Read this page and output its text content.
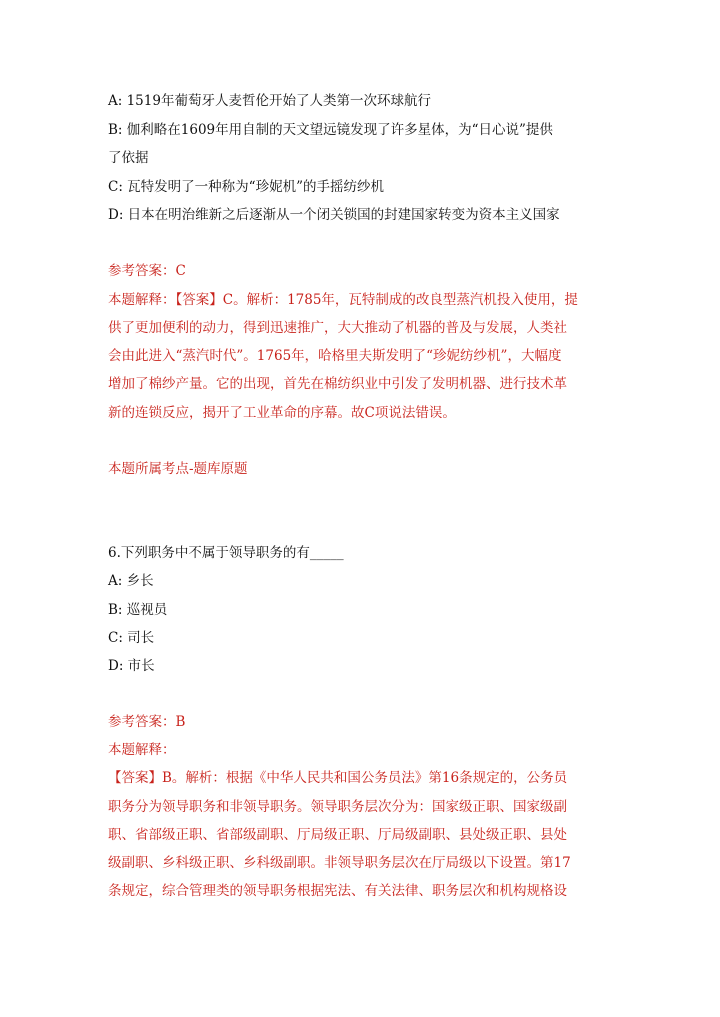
A: 1519年葡萄牙人麦哲伦开始了人类第一次环球航行
B: 伽利略在1609年用自制的天文望远镜发现了许多星体，为“日心说”提供
了依据
C: 瓦特发明了一种称为“珍妮机”的手摇纺纱机
D: 日本在明治维新之后逐渐从一个闭关锁国的封建国家转变为资本主义国家
参考答案：C
本题解释：【答案】C。解析：1785年，瓦特制成的改良型蒸汽机投入使用，提
供了更加便利的动力，得到迅速推广，大大推动了机器的普及与发展，人类社
会由此进入“蒸汽时代”。1765年，哈格里夫斯发明了“珍妮纺纱机”，大幅度
增加了棉纱产量。它的出现，首先在棉纺织业中引发了发明机器、进行技术革
新的连锁反应，揭开了工业革命的序幕。故C项说法错误。
本题所属考点-题库原题
6.下列职务中不属于领导职务的有_____
A: 乡长
B: 巡视员
C: 司长
D: 市长
参考答案：B
本题解释：
【答案】B。解析：根据《中华人民共和国公务员法》第16条规定的，公务员
职务分为领导职务和非领导职务。领导职务层次分为：国家级正职、国家级副
职、省部级正职、省部级副职、厅局级正职、厅局级副职、县处级正职、县处
级副职、乡科级正职、乡科级副职。非领导职务层次在厅局级以下设置。第17
条规定，综合管理类的领导职务根据宪法、有关法律、职务层次和机构规格设
